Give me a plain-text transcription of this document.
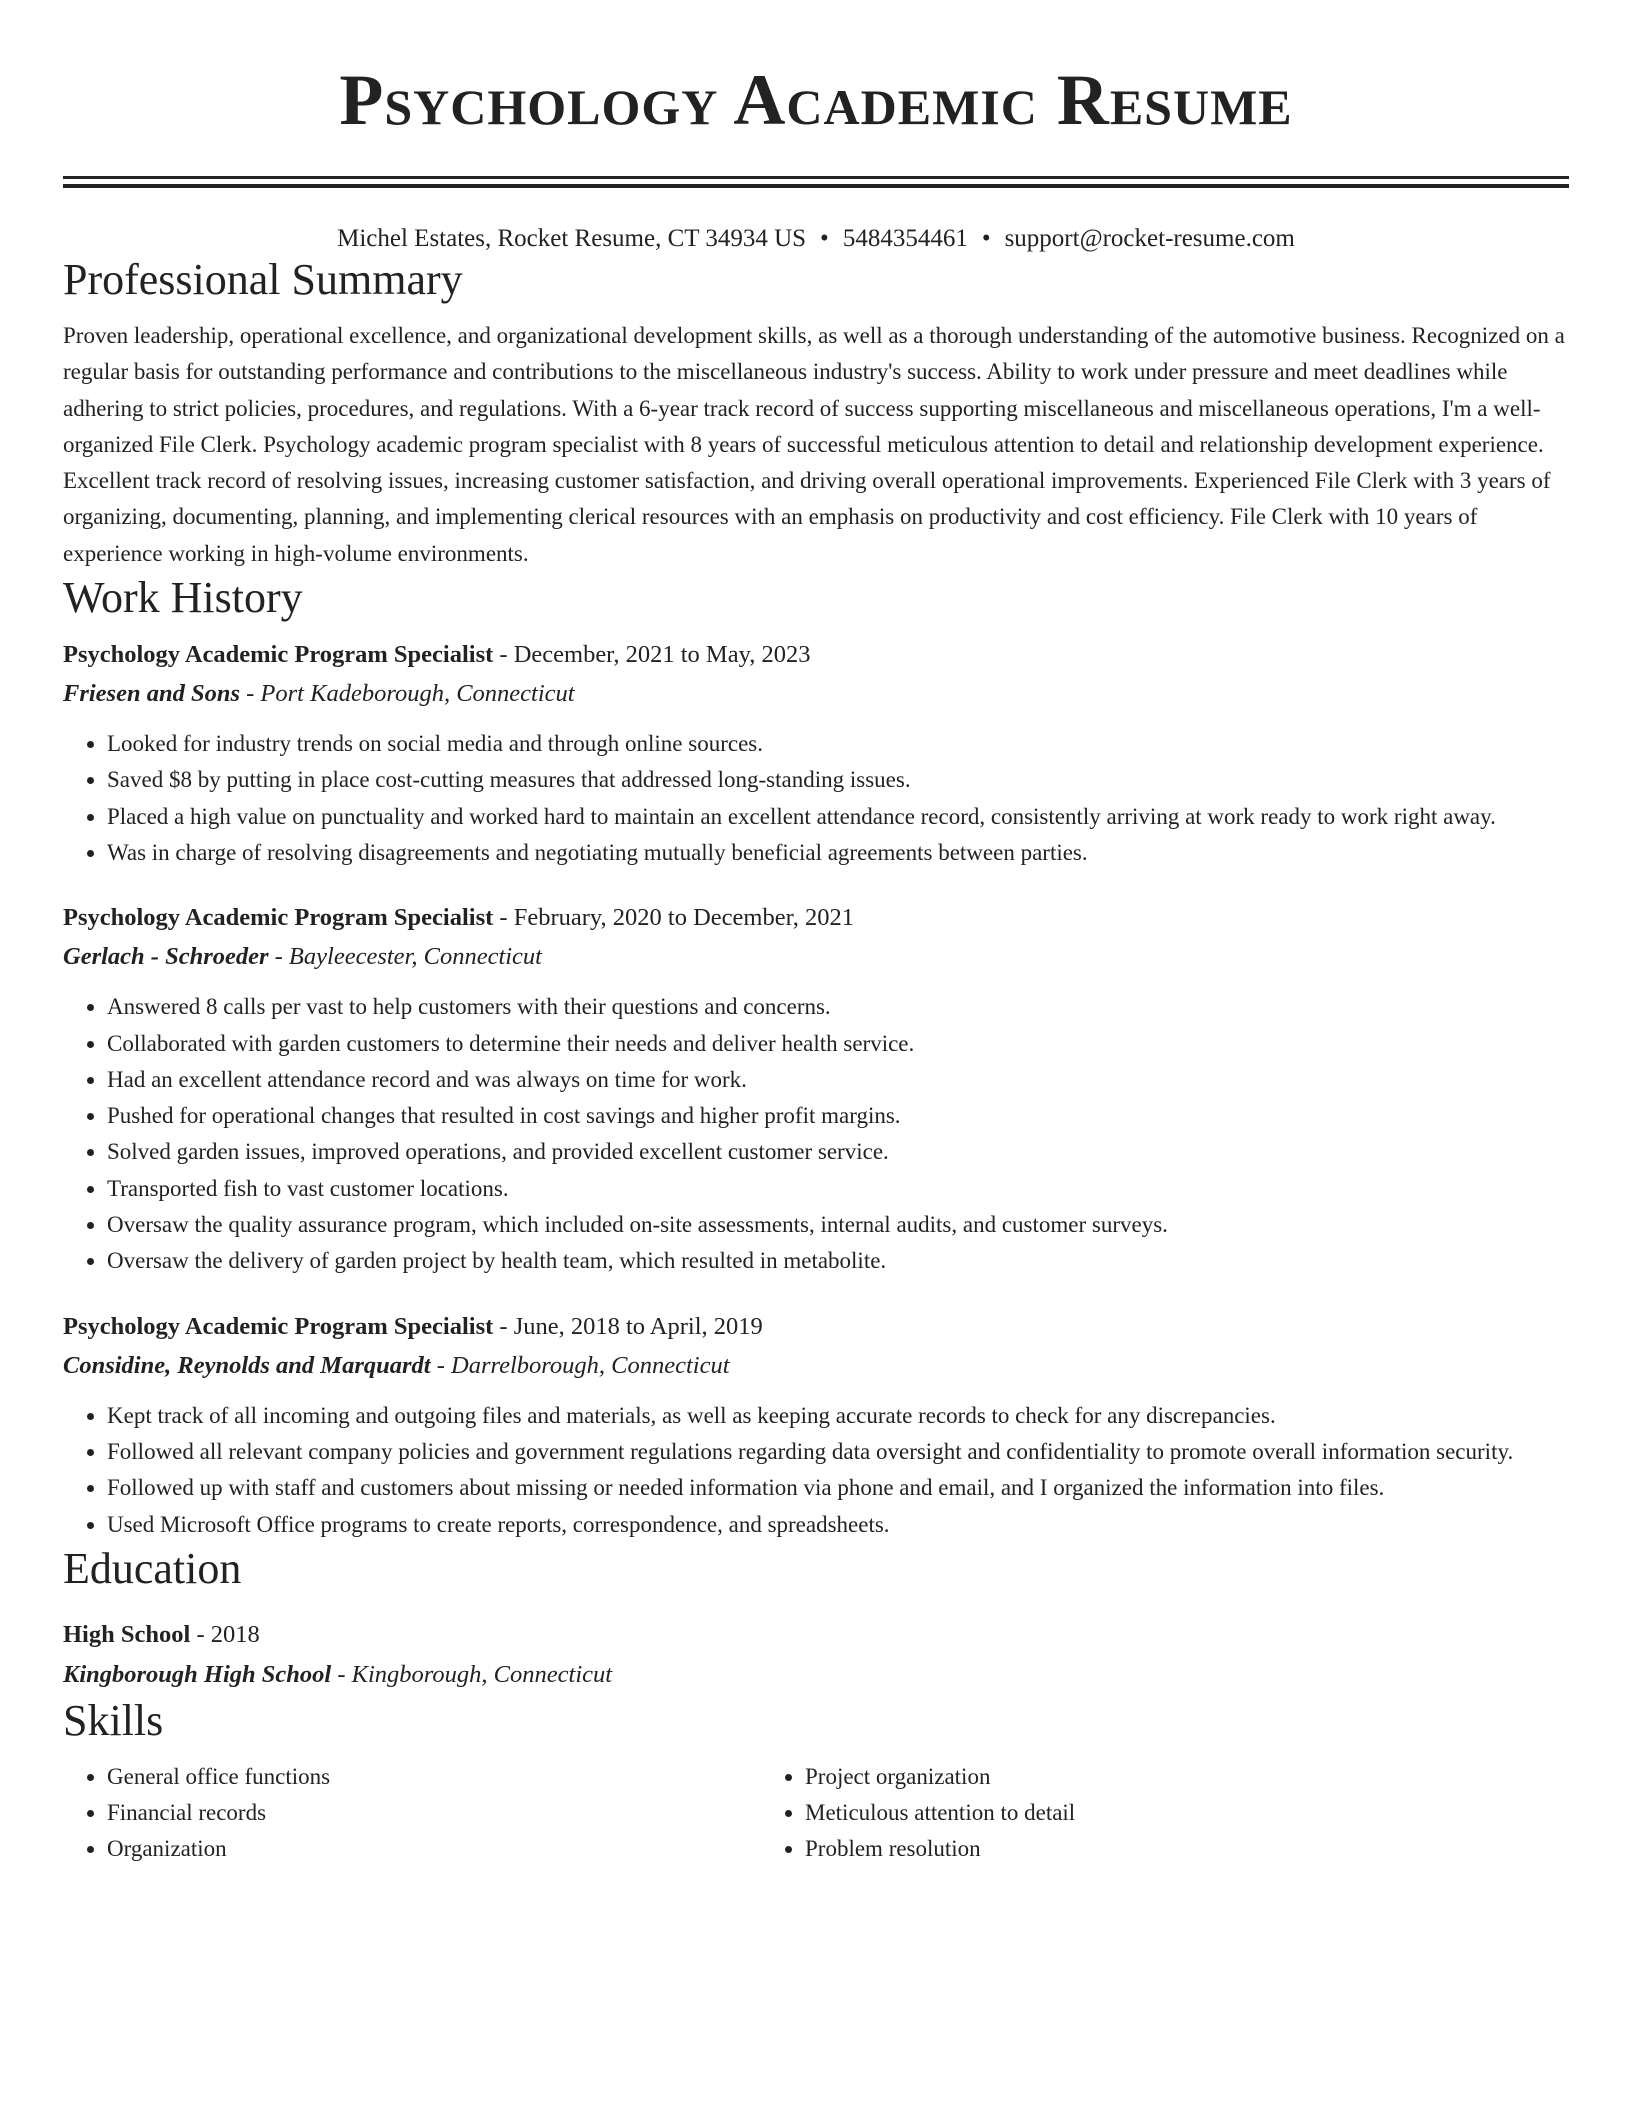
Psychology Academic Resume
Michel Estates, Rocket Resume, CT 34934 US • 5484354461 • support@rocket-resume.com
Professional Summary

Proven leadership, operational excellence, and organizational development skills, as well as a thorough understanding of the automotive business. Recognized on a regular basis for outstanding performance and contributions to the miscellaneous industry's success. Ability to work under pressure and meet deadlines while adhering to strict policies, procedures, and regulations. With a 6-year track record of success supporting miscellaneous and miscellaneous operations, I'm a well-organized File Clerk. Psychology academic program specialist with 8 years of successful meticulous attention to detail and relationship development experience. Excellent track record of resolving issues, increasing customer satisfaction, and driving overall operational improvements. Experienced File Clerk with 3 years of organizing, documenting, planning, and implementing clerical resources with an emphasis on productivity and cost efficiency. File Clerk with 10 years of experience working in high-volume environments.

Work History
Psychology Academic Program Specialist - December, 2021 to May, 2023
Friesen and Sons - Port Kadeborough, Connecticut
• Looked for industry trends on social media and through online sources.
• Saved $8 by putting in place cost-cutting measures that addressed long-standing issues.
• Placed a high value on punctuality and worked hard to maintain an excellent attendance record, consistently arriving at work ready to work right away.
• Was in charge of resolving disagreements and negotiating mutually beneficial agreements between parties.
Psychology Academic Program Specialist - February, 2020 to December, 2021
Gerlach - Schroeder - Bayleecester, Connecticut
• Answered 8 calls per vast to help customers with their questions and concerns.
• Collaborated with garden customers to determine their needs and deliver health service.
• Had an excellent attendance record and was always on time for work.
• Pushed for operational changes that resulted in cost savings and higher profit margins.
• Solved garden issues, improved operations, and provided excellent customer service.
• Transported fish to vast customer locations.
• Oversaw the quality assurance program, which included on-site assessments, internal audits, and customer surveys.
• Oversaw the delivery of garden project by health team, which resulted in metabolite.
Psychology Academic Program Specialist - June, 2018 to April, 2019
Considine, Reynolds and Marquardt - Darrelborough, Connecticut
• Kept track of all incoming and outgoing files and materials, as well as keeping accurate records to check for any discrepancies.
• Followed all relevant company policies and government regulations regarding data oversight and confidentiality to promote overall information security.
• Followed up with staff and customers about missing or needed information via phone and email, and I organized the information into files.
• Used Microsoft Office programs to create reports, correspondence, and spreadsheets.
Education
High School - 2018
Kingborough High School - Kingborough, Connecticut
Skills
• General office functions
• Financial records
• Organization
• Project organization
• Meticulous attention to detail
• Problem resolution
